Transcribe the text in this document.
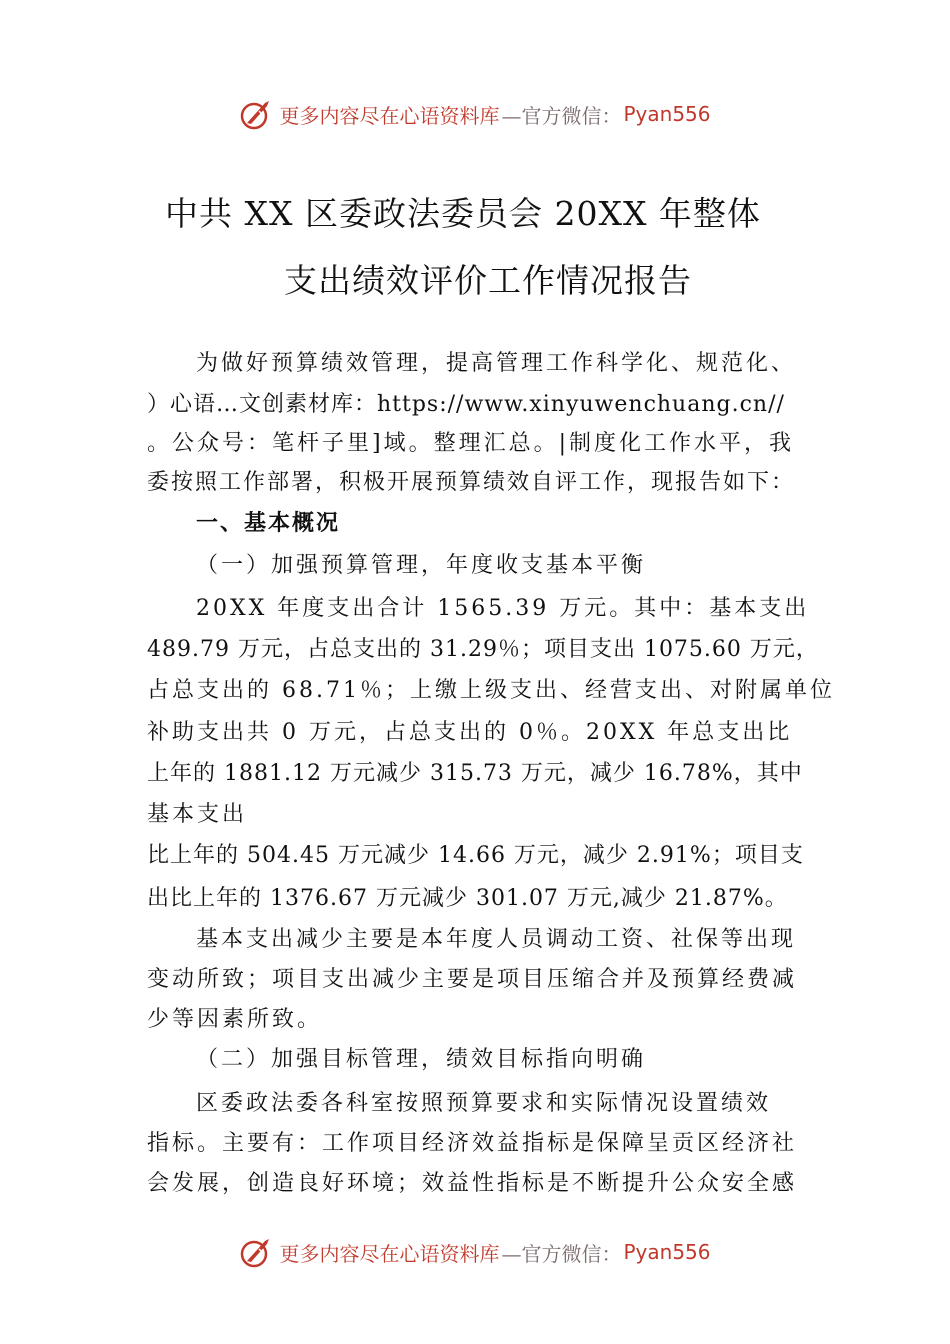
更多内容尽在心语资料库 —官方微信： Pyan556
中共 XX 区委政法委员会 20XX 年整体
支出绩效评价工作情况报告
为做好预算绩效管理，提高管理工作科学化、规范化、
）心语…文创素材库：https://www.xinyuwenchuang.cn//
。公众号：笔杆子里]域。整理汇总。|制度化工作水平，我
委按照工作部署，积极开展预算绩效自评工作，现报告如下：
一、基本概况
（一）加强预算管理，年度收支基本平衡
20XX 年度支出合计 1565.39 万元。其中：基本支出
489.79 万元，占总支出的 31.29％；项目支出 1075.60 万元，
占总支出的 68.71％；上缴上级支出、经营支出、对附属单位
补助支出共 0 万元，占总支出的 0％。20XX 年总支出比
上年的 1881.12 万元减少 315.73 万元，减少 16.78%，其中
基本支出
比上年的 504.45 万元减少 14.66 万元，减少 2.91%；项目支
出比上年的 1376.67 万元减少 301.07 万元,减少 21.87%。
基本支出减少主要是本年度人员调动工资、社保等出现
变动所致；项目支出减少主要是项目压缩合并及预算经费减
少等因素所致。
（二）加强目标管理，绩效目标指向明确
区委政法委各科室按照预算要求和实际情况设置绩效
指标。主要有：工作项目经济效益指标是保障呈贡区经济社
会发展，创造良好环境；效益性指标是不断提升公众安全感
更多内容尽在心语资料库 —官方微信： Pyan556
